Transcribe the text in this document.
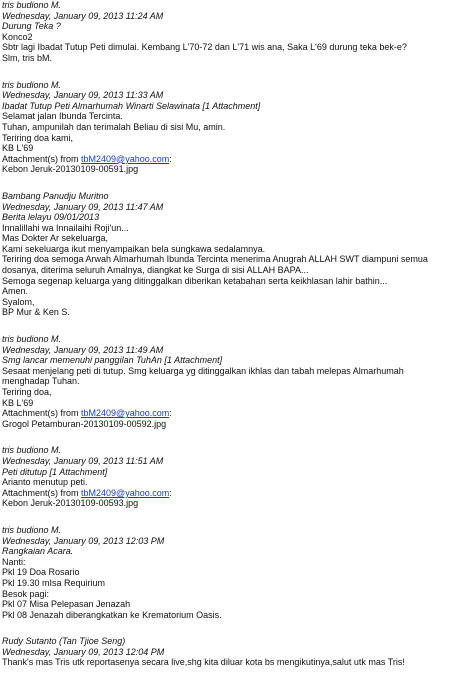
tris budiono M.
Wednesday, January 09, 2013 11:24 AM
Durung Teka ?
Konco2
Sbtr lagi Ibadat Tutup Peti dimulai. Kembang L'70-72 dan L'71 wis ana, Saka L'69 durung teka bek-e?
Slm, tris bM.
tris budiono M.
Wednesday, January 09, 2013 11:33 AM
Ibadat Tutup Peti Almarhumah Winarti Selawinata [1 Attachment]
Selamat jalan Ibunda Tercinta.
Tuhan, ampunilah dan terimalah Beliau di sisi Mu, amin.
Teriring doa kami,
KB L'69
Attachment(s) from tbM2409@yahoo.com:
Kebon Jeruk-20130109-00591.jpg
Bambang Panudju Muritno
Wednesday, January 09, 2013 11:47 AM
Berita lelayu 09/01/2013
Innalillahi wa Innailaihi Roji'un...
Mas Dokter Ar sekeluarga,
Kami sekeluarga ikut menyampaikan bela sungkawa sedalamnya.
Teriring doa semoga Arwah Almarhumah Ibunda Tercinta menerima Anugrah ALLAH SWT diampuni semua dosanya, diterima seluruh Amalnya, diangkat ke Surga di sisi ALLAH BAPA...
Semoga segenap keluarga yang ditinggalkan diberikan ketabahan serta keikhlasan lahir bathin...
Amen.
Syalom,
BP Mur & Ken S.
tris budiono M.
Wednesday, January 09, 2013 11:49 AM
Smg lancar memenuhi panggilan TuhAn [1 Attachment]
Sesaat menjelang peti di tutup. Smg keluarga yg ditinggalkan ikhlas dan tabah melepas Almarhumah menghadap Tuhan.
Teriring doa,
KB L'69
Attachment(s) from tbM2409@yahoo.com:
Grogol Petamburan-20130109-00592.jpg
tris budiono M.
Wednesday, January 09, 2013 11:51 AM
Peti ditutup [1 Attachment]
Arianto menutup peti.
Attachment(s) from tbM2409@yahoo.com:
Kebon Jeruk-20130109-00593.jpg
tris budiono M.
Wednesday, January 09, 2013 12:03 PM
Rangkaian Acara.
Nanti:
Pkl 19 Doa Rosario
Pkl 19.30 mIsa Requirium
Besok pagi:
Pkl 07 Misa Pelepasan Jenazah
Pkl 08 Jenazah diberangkatkan ke Krematorium Oasis.
Rudy Sutanto (Tan Tjioe Seng)
Wednesday, January 09, 2013 12:04 PM
Thank's mas Tris utk reportasenya secara live,shg kita diluar kota bs mengikutinya,salut utk mas Tris!
